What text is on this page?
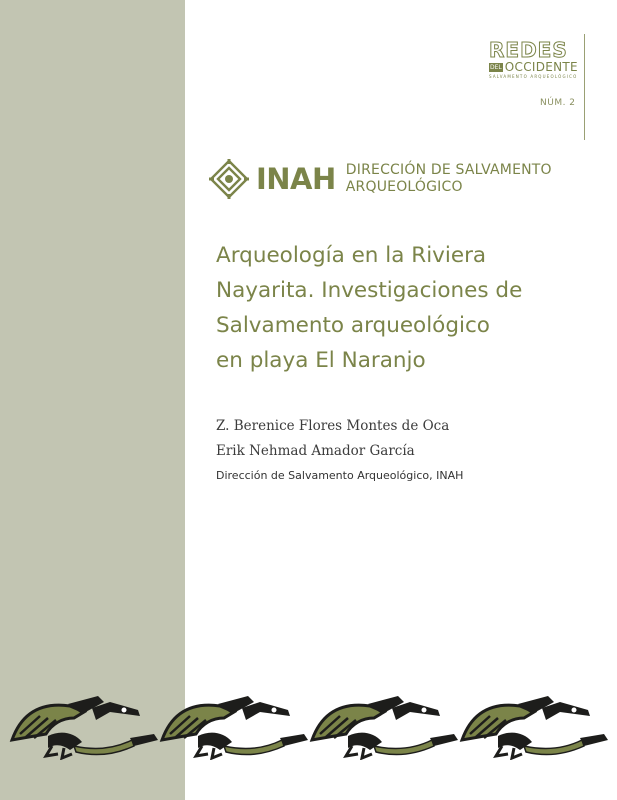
REDES
DEL OCCIDENTE
SALVAMENTO ARQUEOLÓGICO
NÚM. 2
INAH DIRECCIÓN DE SALVAMENTO
ARQUEOLÓGICO
Arqueología en la Riviera
Nayarita. Investigaciones de
Salvamento arqueológico
en playa El Naranjo
Z. Berenice Flores Montes de Oca
Erik Nehmad Amador García
Dirección de Salvamento Arqueológico, INAH
